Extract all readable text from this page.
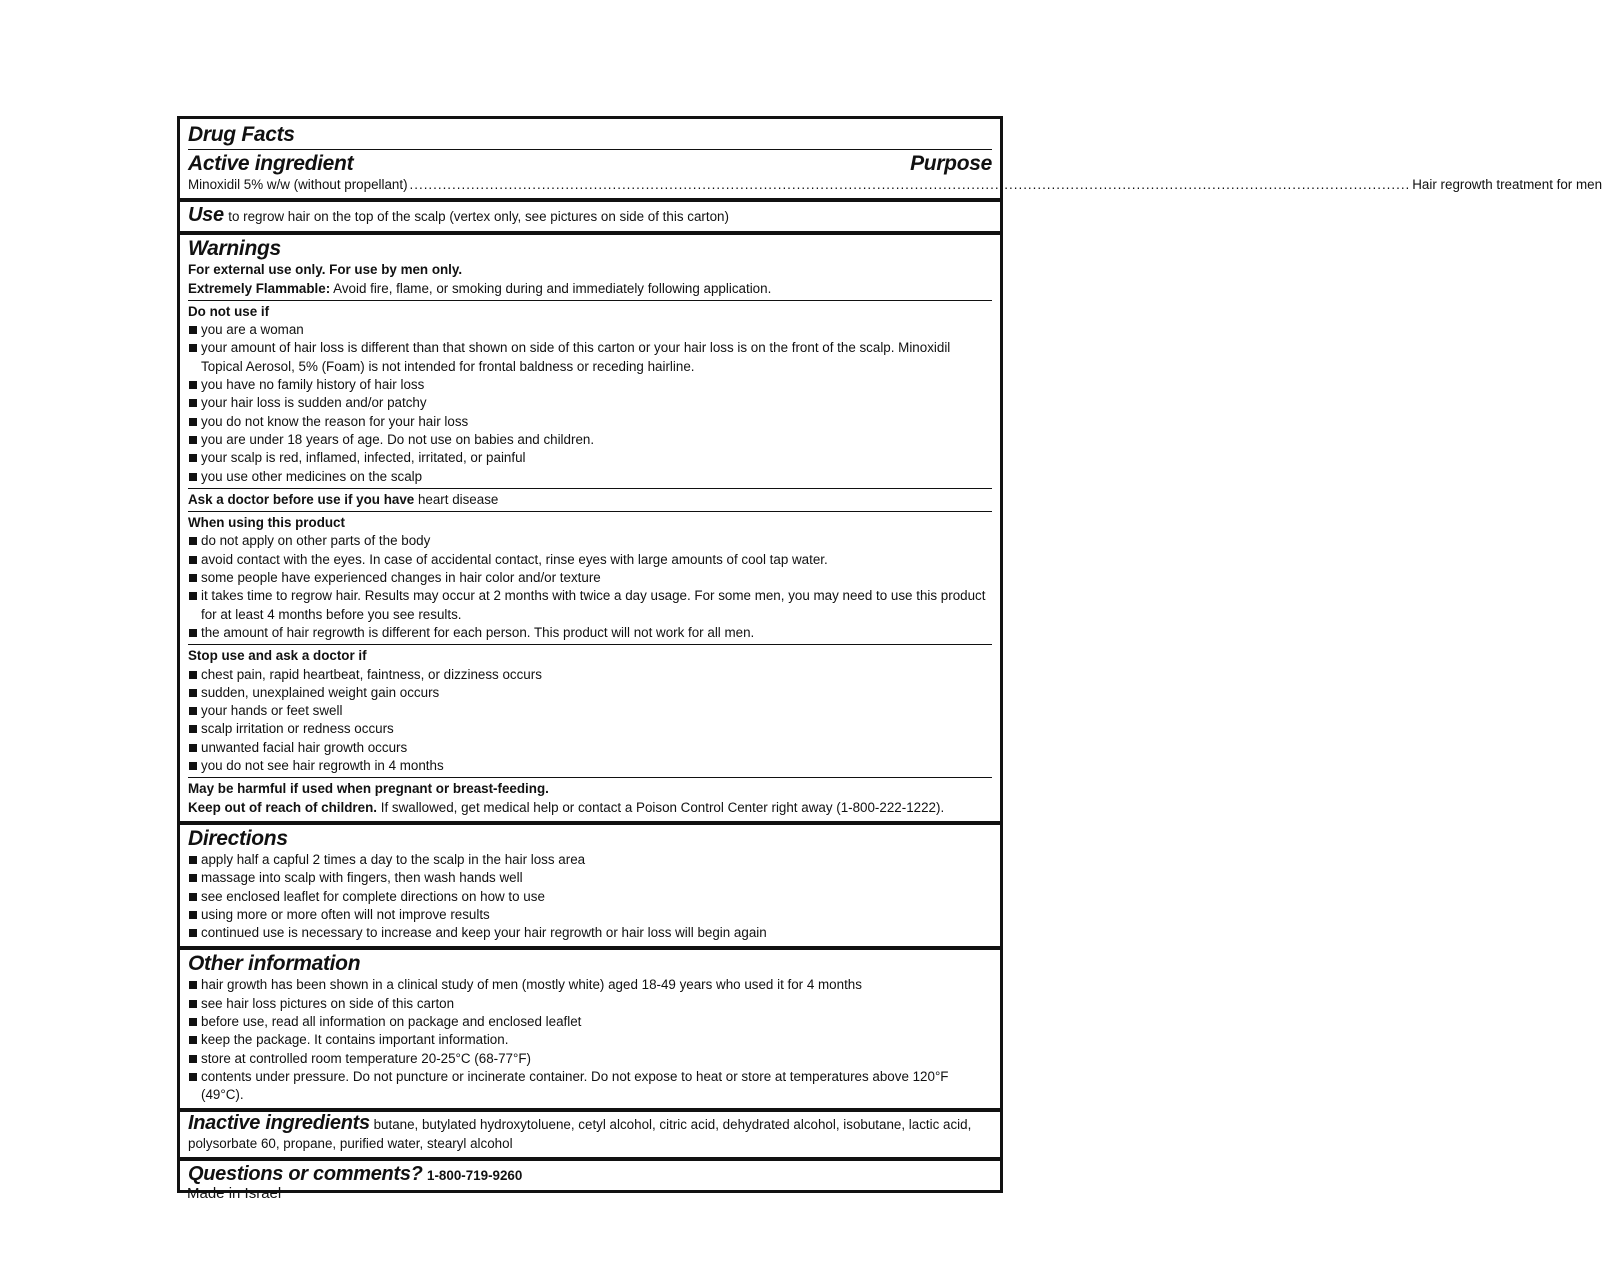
Drug Facts
Active ingredient	Purpose
Minoxidil 5% w/w (without propellant) .................................................................................................................................................................................................................... Hair regrowth treatment for men
Use to regrow hair on the top of the scalp (vertex only, see pictures on side of this carton)
Warnings
For external use only. For use by men only.
Extremely Flammable: Avoid fire, flame, or smoking during and immediately following application.
Do not use if
you are a woman
your amount of hair loss is different than that shown on side of this carton or your hair loss is on the front of the scalp. Minoxidil Topical Aerosol, 5% (Foam) is not intended for frontal baldness or receding hairline.
you have no family history of hair loss
your hair loss is sudden and/or patchy
you do not know the reason for your hair loss
you are under 18 years of age. Do not use on babies and children.
your scalp is red, inflamed, infected, irritated, or painful
you use other medicines on the scalp
Ask a doctor before use if you have heart disease
When using this product
do not apply on other parts of the body
avoid contact with the eyes. In case of accidental contact, rinse eyes with large amounts of cool tap water.
some people have experienced changes in hair color and/or texture
it takes time to regrow hair. Results may occur at 2 months with twice a day usage. For some men, you may need to use this product for at least 4 months before you see results.
the amount of hair regrowth is different for each person. This product will not work for all men.
Stop use and ask a doctor if
chest pain, rapid heartbeat, faintness, or dizziness occurs
sudden, unexplained weight gain occurs
your hands or feet swell
scalp irritation or redness occurs
unwanted facial hair growth occurs
you do not see hair regrowth in 4 months
May be harmful if used when pregnant or breast-feeding.
Keep out of reach of children. If swallowed, get medical help or contact a Poison Control Center right away (1-800-222-1222).
Directions
apply half a capful 2 times a day to the scalp in the hair loss area
massage into scalp with fingers, then wash hands well
see enclosed leaflet for complete directions on how to use
using more or more often will not improve results
continued use is necessary to increase and keep your hair regrowth or hair loss will begin again
Other information
hair growth has been shown in a clinical study of men (mostly white) aged 18-49 years who used it for 4 months
see hair loss pictures on side of this carton
before use, read all information on package and enclosed leaflet
keep the package. It contains important information.
store at controlled room temperature 20-25°C (68-77°F)
contents under pressure. Do not puncture or incinerate container. Do not expose to heat or store at temperatures above 120°F (49°C).
Inactive ingredients butane, butylated hydroxytoluene, cetyl alcohol, citric acid, dehydrated alcohol, isobutane, lactic acid, polysorbate 60, propane, purified water, stearyl alcohol
Questions or comments? 1-800-719-9260
Made in Israel
